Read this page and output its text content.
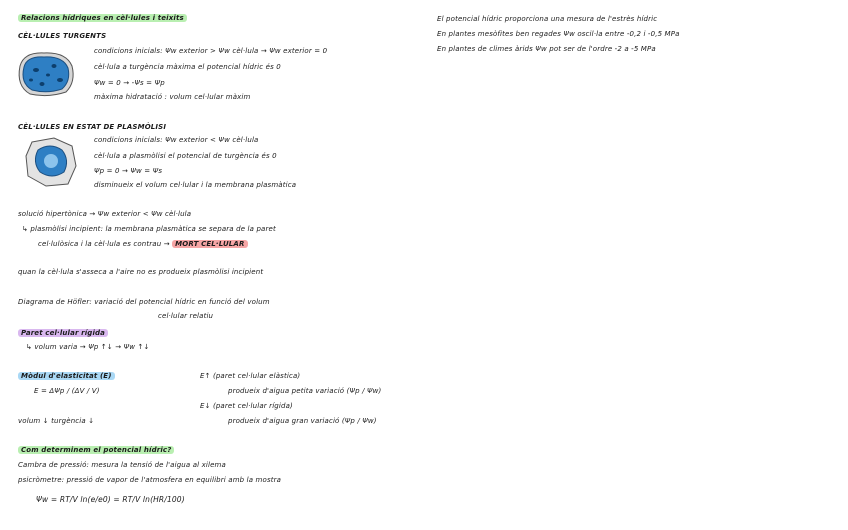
Relacions hídriques en cèl·lules i teixits
CÈL·LULES TURGENTS
condicions inicials: Ψw exterior > Ψw cèl·lula → Ψw exterior = 0
cèl·lula a turgència màxima el potencial hídric és 0
Ψw = 0 → -Ψs = Ψp
màxima hidratació : volum cel·lular màxim
CÈL·LULES EN ESTAT DE PLASMÒLISI
condicions inicials: Ψw exterior < Ψw cèl·lula
cèl·lula a plasmòlisi el potencial de turgència és 0
Ψp = 0 → Ψw = Ψs
disminueix el volum cel·lular i la membrana plasmàtica
solució hipertònica → Ψw exterior < Ψw cèl·lula
↳ plasmòlisi incipient: la membrana plasmàtica se separa de la paret
cel·lulòsica i la cèl·lula es contrau → MORT CEL·LULAR
quan la cèl·lula s'asseca a l'aire no es produeix plasmòlisi incipient
Diagrama de Höfler: variació del potencial hídric en funció del volum
cel·lular relatiu
Paret cel·lular rígida
↳ volum varia → Ψp ↑↓ → Ψw ↑↓
Mòdul d'elasticitat (E)
E = ΔΨp / (ΔV / V)
E↑ (paret cel·lular elàstica)
produeix d'aigua petita variació (Ψp / Ψw)
E↓ (paret cel·lular rígida)
produeix d'aigua gran variació (Ψp / Ψw)
volum ↓ turgència ↓
Com determinem el potencial hídric?
Cambra de pressió: mesura la tensió de l'aigua al xilema
psicròmetre: pressió de vapor de l'atmosfera en equilibri amb la mostra
Ψw = RT/V ln(e/e0) = RT/V ln(HR/100)
El potencial hídric proporciona una mesura de l'estrès hídric
En plantes mesòfites ben regades Ψw oscil·la entre -0,2 i -0,5 MPa
En plantes de climes àrids Ψw pot ser de l'ordre -2 a -5 MPa
